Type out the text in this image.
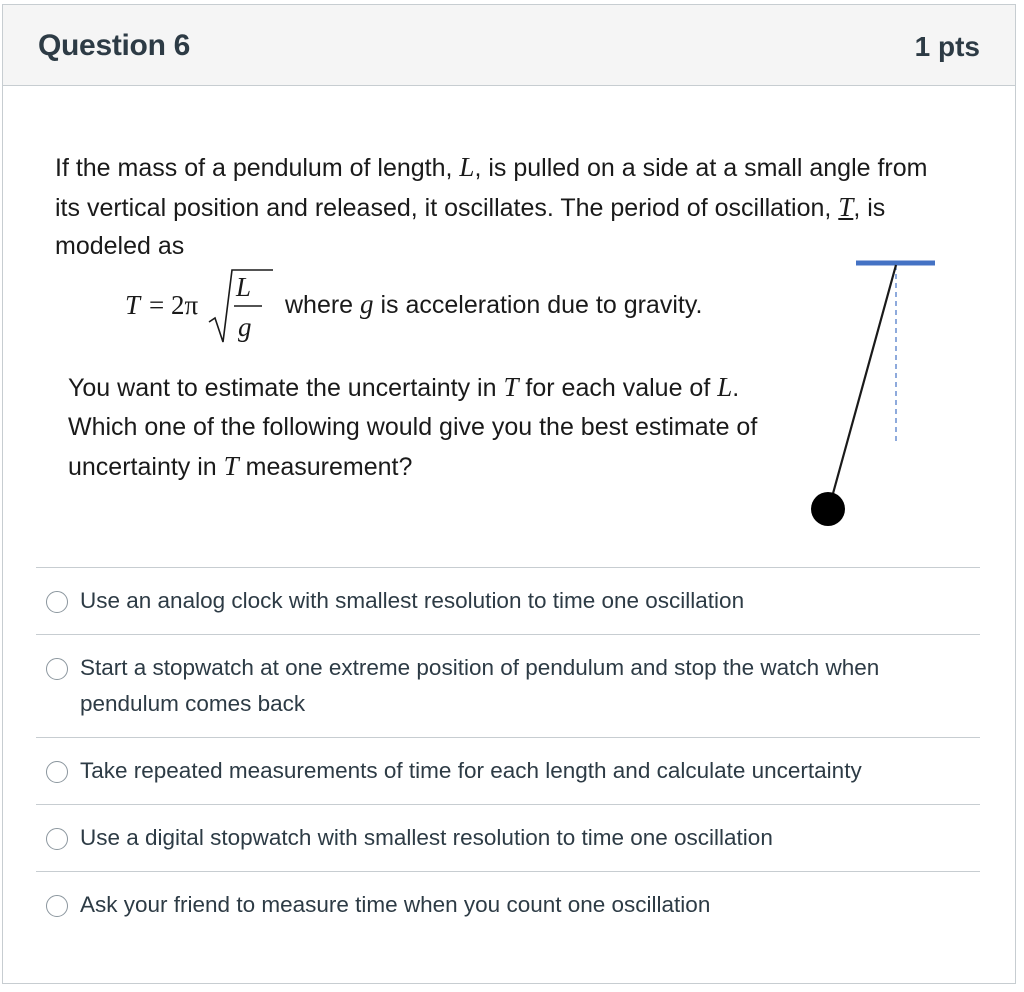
Question 6	1 pts

If the mass of a pendulum of length, L, is pulled on a side at a small angle from its vertical position and released, it oscillates. The period of oscillation, T, is modeled as

T = 2π
L
g
where g is acceleration due to gravity.

You want to estimate the uncertainty in T for each value of L. Which one of the following would give you the best estimate of uncertainty in T measurement?

Use an analog clock with smallest resolution to time one oscillation
Start a stopwatch at one extreme position of pendulum and stop the watch when pendulum comes back
Take repeated measurements of time for each length and calculate uncertainty
Use a digital stopwatch with smallest resolution to time one oscillation
Ask your friend to measure time when you count one oscillation
